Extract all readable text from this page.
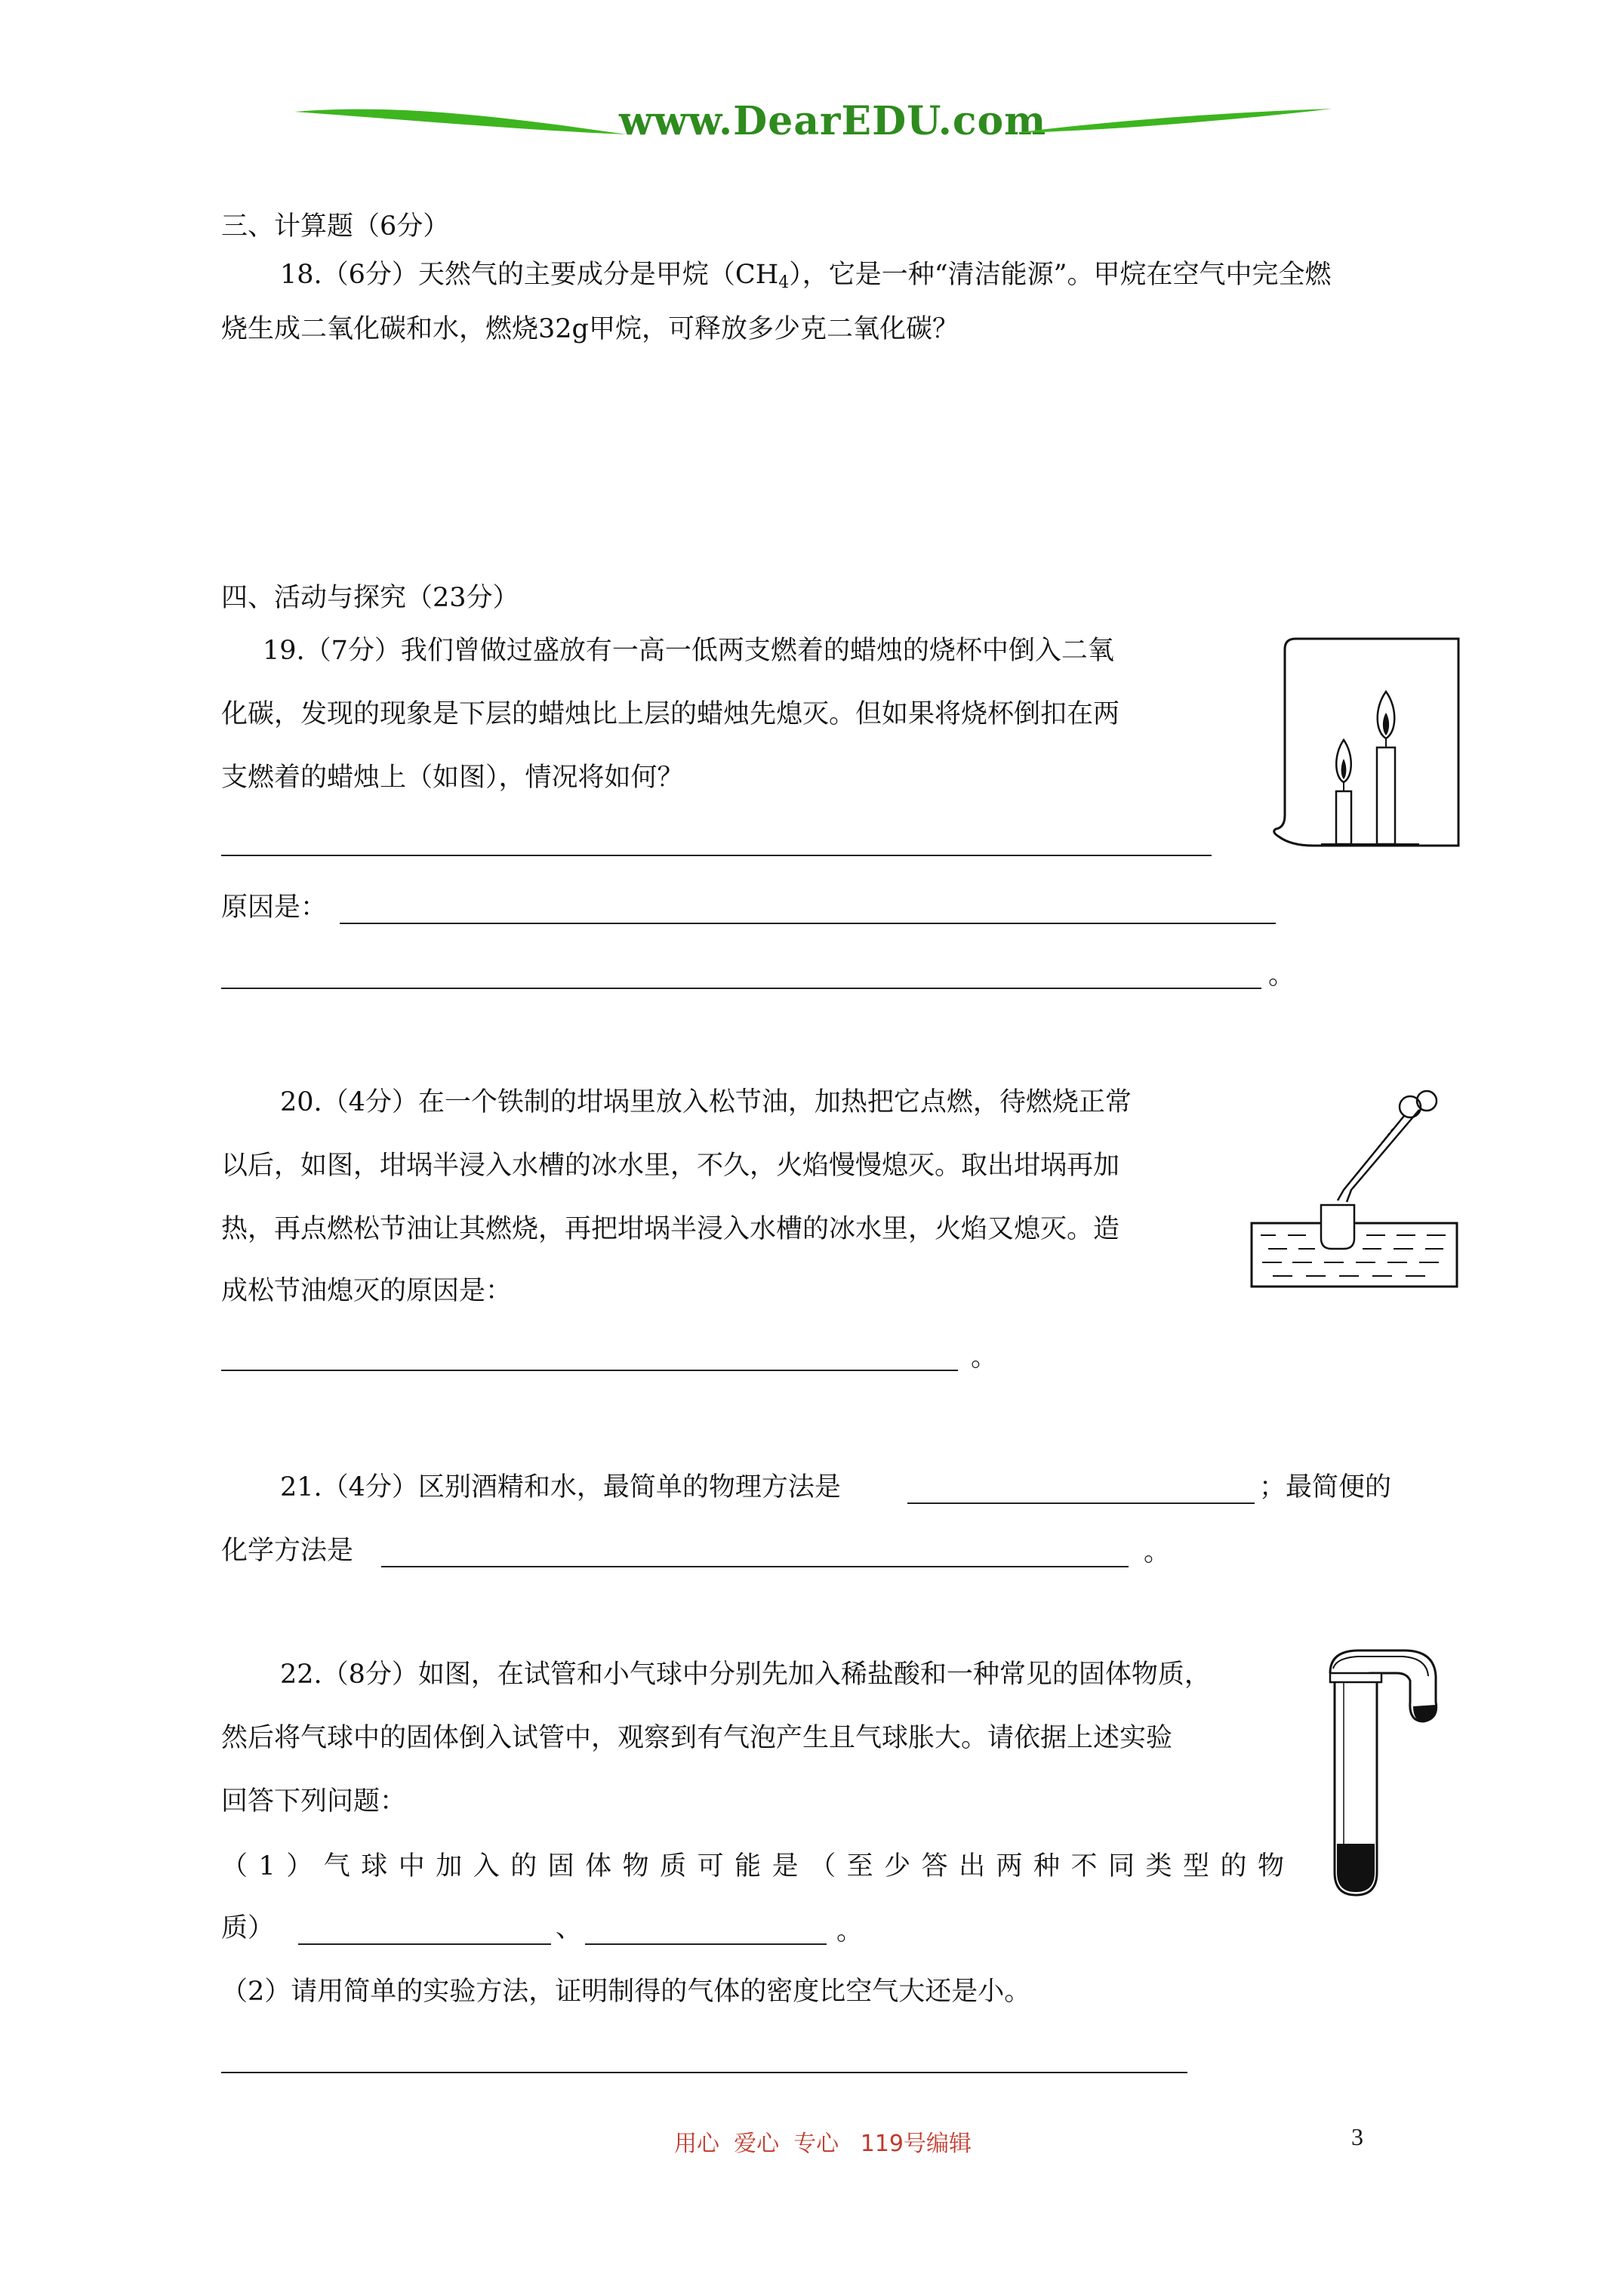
www.DearEDU.com
三、计算题（6分）
18.（6分）天然气的主要成分是甲烷$(CH_4)$，它是一种“清洁能源”。甲烷在空气中完全燃
烧生成二氧化碳和水，燃烧32g甲烷，可释放多少克二氧化碳？
四、活动与探究（23分）
19.（7分）我们曾做过盛放有一高一低两支燃着的蜡烛的烧杯中倒入二氧
化碳，发现的现象是下层的蜡烛比上层的蜡烛先熄灭。但如果将烧杯倒扣在两
支燃着的蜡烛上（如图），情况将如何？
原因是：
。
20.（4分）在一个铁制的坩埚里放入松节油，加热把它点燃，待燃烧正常
以后，如图，坩埚半浸入水槽的冰水里，不久，火焰慢慢熄灭。取出坩埚再加
热，再点燃松节油让其燃烧，再把坩埚半浸入水槽的冰水里，火焰又熄灭。造
成松节油熄灭的原因是：
。
21.（4分）区别酒精和水，最简单的物理方法是	；最简便的
化学方法是	。
22.（8分）如图，在试管和小气球中分别先加入稀盐酸和一种常见的固体物质，
然后将气球中的固体倒入试管中，观察到有气泡产生且气球胀大。请依据上述实验
回答下列问题：
（1）气球中加入的固体物质可能是（至少答出两种不同类型的物
质）	、	。
（2）请用简单的实验方法，证明制得的气体的密度比空气大还是小。
用心  爱心  专心   119号编辑	3
